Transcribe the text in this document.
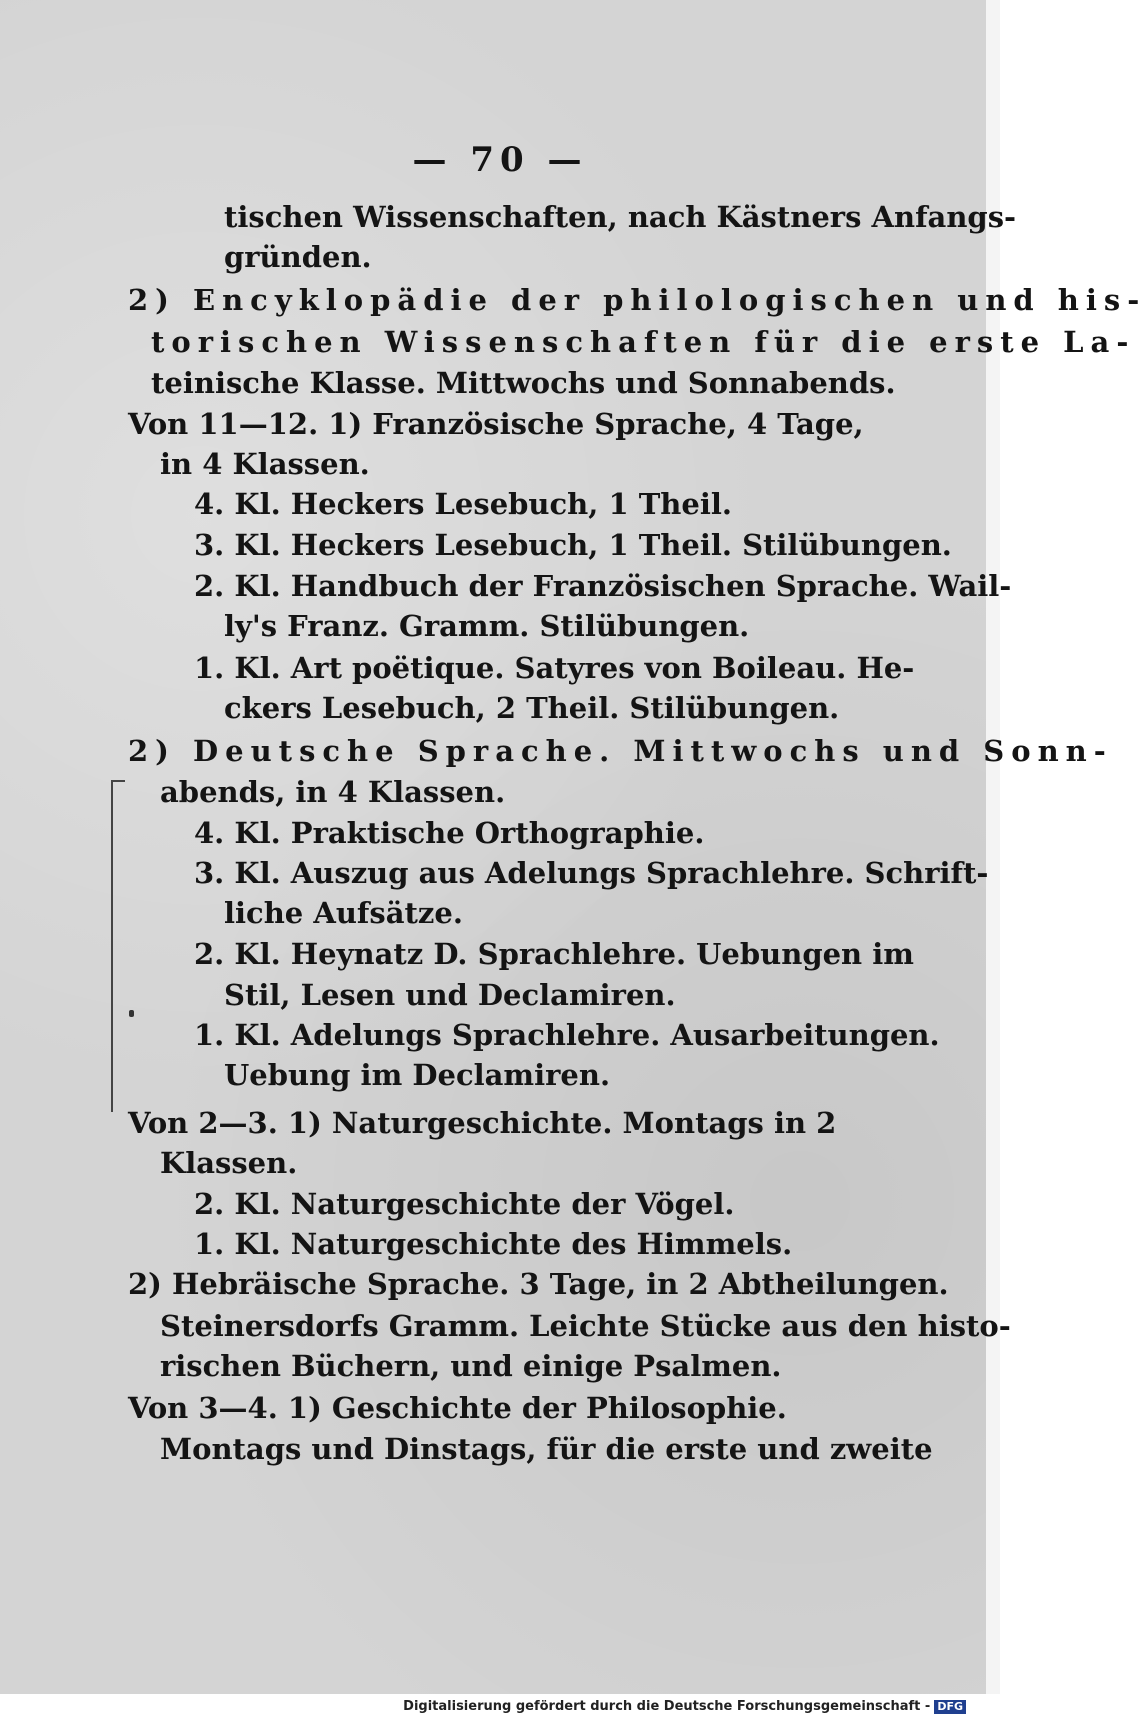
— 70 —
tischen Wissenschaften, nach Kästners Anfangs-
gründen.
2) Encyklopädie der philologischen und his-
torischen Wissenschaften für die erste La-
teinische Klasse. Mittwochs und Sonnabends.
Von 11—12. 1) Französische Sprache, 4 Tage,
in 4 Klassen.
4. Kl. Heckers Lesebuch, 1 Theil.
3. Kl. Heckers Lesebuch, 1 Theil. Stilübungen.
2. Kl. Handbuch der Französischen Sprache. Wail-
ly's Franz. Gramm. Stilübungen.
1. Kl. Art poëtique. Satyres von Boileau. He-
ckers Lesebuch, 2 Theil. Stilübungen.
2) Deutsche Sprache. Mittwochs und Sonn-
abends, in 4 Klassen.
4. Kl. Praktische Orthographie.
3. Kl. Auszug aus Adelungs Sprachlehre. Schrift-
liche Aufsätze.
2. Kl. Heynatz D. Sprachlehre. Uebungen im
Stil, Lesen und Declamiren.
1. Kl. Adelungs Sprachlehre. Ausarbeitungen.
Uebung im Declamiren.
Von 2—3. 1) Naturgeschichte. Montags in 2
Klassen.
2. Kl. Naturgeschichte der Vögel.
1. Kl. Naturgeschichte des Himmels.
2) Hebräische Sprache. 3 Tage, in 2 Abtheilungen.
Steinersdorfs Gramm. Leichte Stücke aus den histo-
rischen Büchern, und einige Psalmen.
Von 3—4. 1) Geschichte der Philosophie.
Montags und Dinstags, für die erste und zweite
Digitalisierung gefördert durch die Deutsche Forschungsgemeinschaft - DFG
